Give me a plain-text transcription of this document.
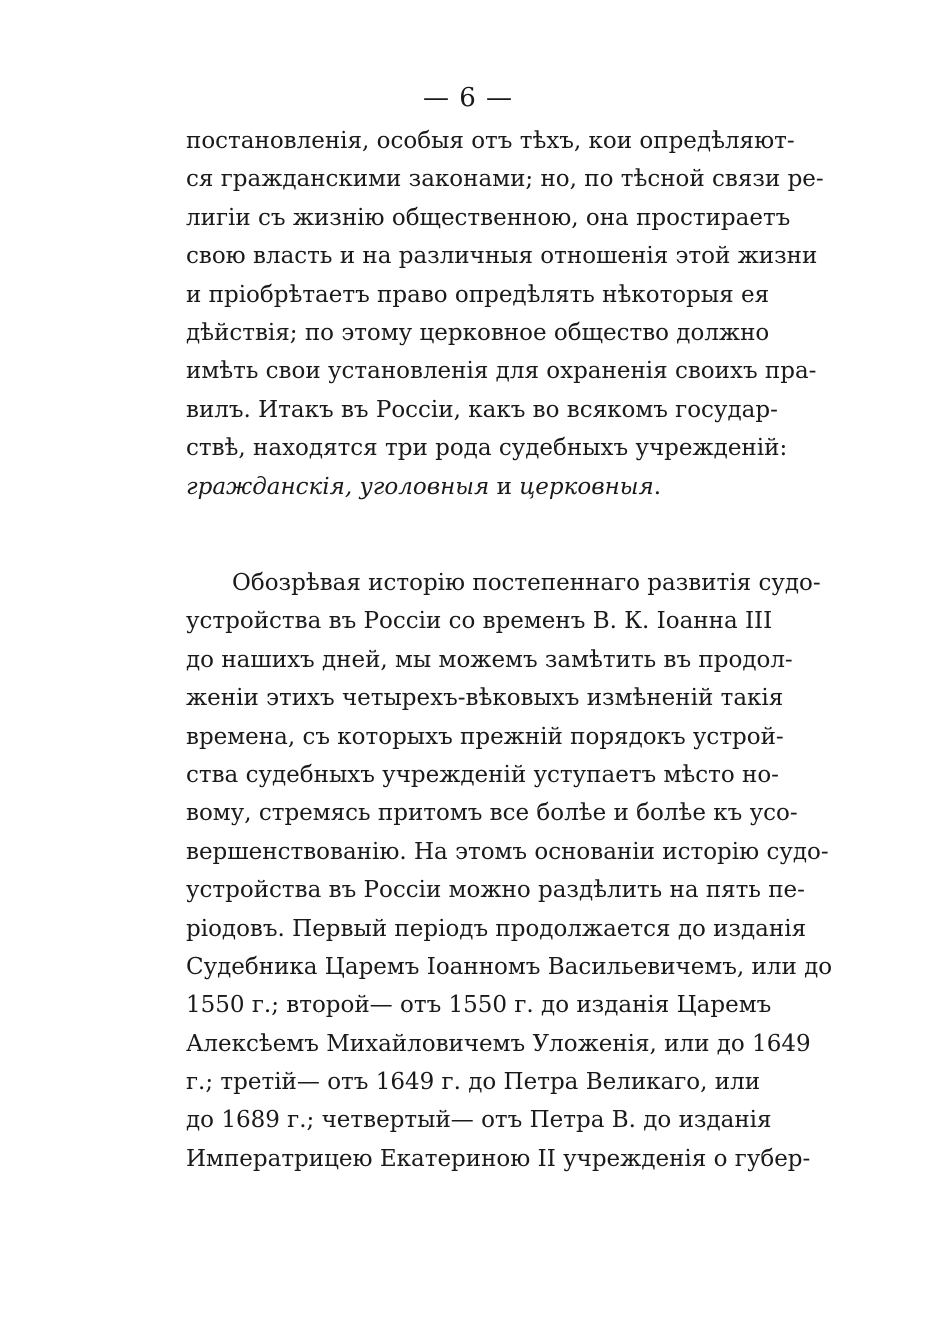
— 6 —
постановленія, особыя отъ тѣхъ, кои опредѣляют-
ся гражданскими законами; но, по тѣсной связи ре-
лигіи съ жизнію общественною, она простираетъ
свою власть и на различныя отношенія этой жизни
и пріобрѣтаетъ право опредѣлять нѣкоторыя ея
дѣйствія; по этому церковное общество должно
имѣть свои установленія для охраненія своихъ пра-
вилъ. Итакъ въ Россіи, какъ во всякомъ государ-
ствѣ, находятся три рода судебныхъ учрежденій:
гражданскія, уголовныя и церковныя.
Обозрѣвая исторію постепеннаго развитія судо-
устройства въ Россіи со временъ В. К. Іоанна III
до нашихъ дней, мы можемъ замѣтить въ продол-
женіи этихъ четырехъ-вѣковыхъ измѣненій такія
времена, съ которыхъ прежній порядокъ устрой-
ства судебныхъ учрежденій уступаетъ мѣсто но-
вому, стремясь притомъ все болѣе и болѣе къ усо-
вершенствованію. На этомъ основаніи исторію судо-
устройства въ Россіи можно раздѣлить на пять пе-
ріодовъ. Первый періодъ продолжается до изданія
Судебника Царемъ Іоанномъ Васильевичемъ, или до
1550 г.; второй— отъ 1550 г. до изданія Царемъ
Алексѣемъ Михайловичемъ Уложенія, или до 1649
г.; третій— отъ 1649 г. до Петра Великаго, или
до 1689 г.; четвертый— отъ Петра В. до изданія
Императрицею Екатериною II учрежденія о губер-
